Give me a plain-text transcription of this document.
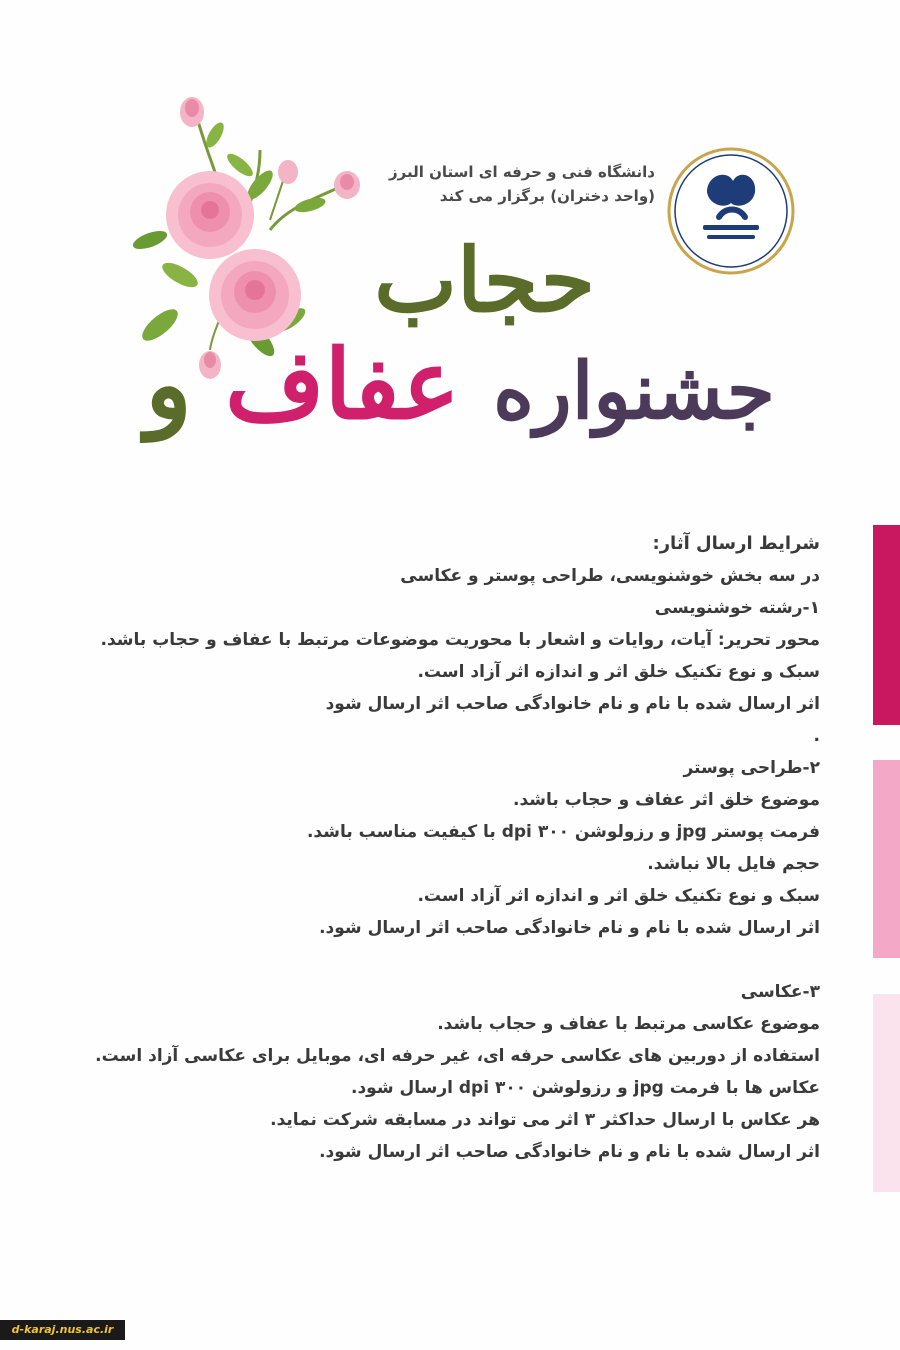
دانشگاه فنی و حرفه ای استان البرز
(واحد دختران) برگزار می کند
حجاب
جشنواره عفاف و
شرایط ارسال آثار:
در سه بخش خوشنویسی، طراحی پوستر و عکاسی
۱-رشته خوشنویسی
محور تحریر: آیات، روایات و اشعار با محوریت موضوعات مرتبط با عفاف و حجاب باشد.
سبک و نوع تکنیک خلق اثر و اندازه اثر آزاد است.
اثر ارسال شده با نام و نام خانوادگی صاحب اثر ارسال شود
.
۲-طراحی پوستر
موضوع خلق اثر عفاف و حجاب باشد.
فرمت پوستر jpg و رزولوشن ۳۰۰ dpi با کیفیت مناسب باشد.
حجم فایل بالا نباشد.
سبک و نوع تکنیک خلق اثر و اندازه اثر آزاد است.
اثر ارسال شده با نام و نام خانوادگی صاحب اثر ارسال شود.
۳-عکاسی
موضوع عکاسی مرتبط با عفاف و حجاب باشد.
استفاده از دوربین های عکاسی حرفه ای، غیر حرفه ای، موبایل برای عکاسی آزاد است.
عکاس ها با فرمت jpg و رزولوشن ۳۰۰ dpi ارسال شود.
هر عکاس با ارسال حداکثر ۳ اثر می تواند در مسابقه شرکت نماید.
اثر ارسال شده با نام و نام خانوادگی صاحب اثر ارسال شود.
d-karaj.nus.ac.ir
